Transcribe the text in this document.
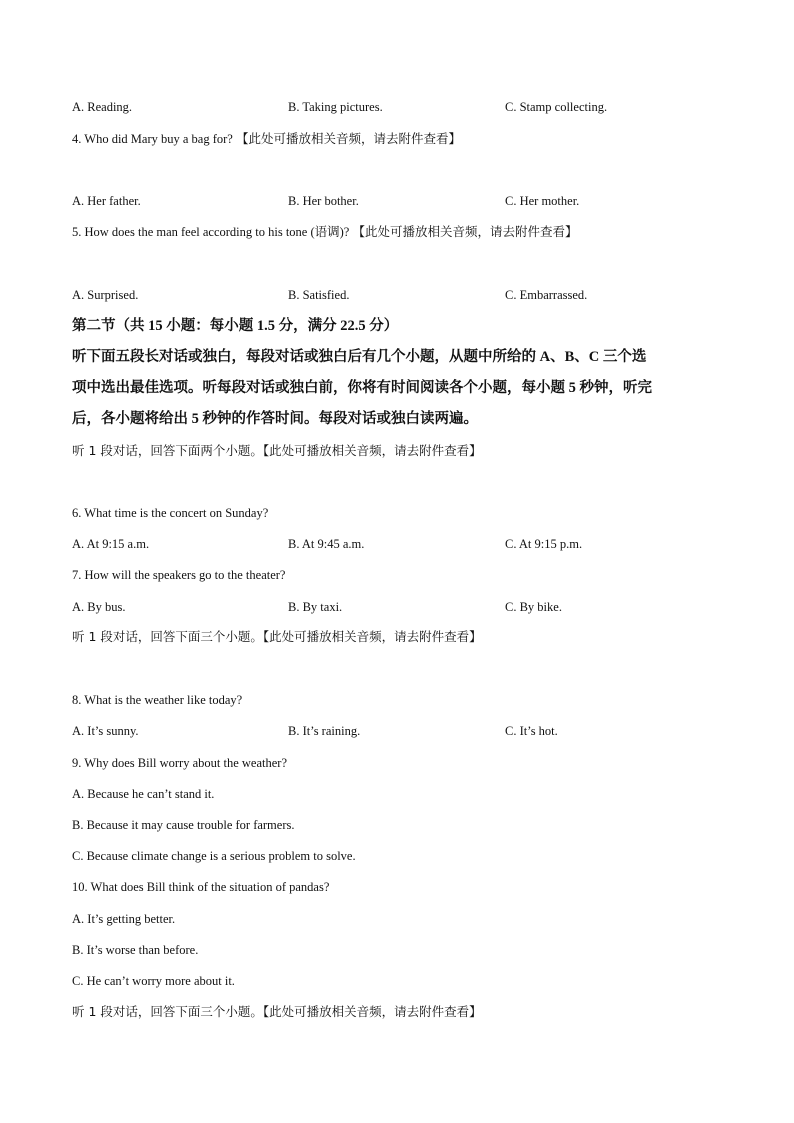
A. Reading.	B. Taking pictures.	C. Stamp collecting.
4. Who did Mary buy a bag for? 【此处可播放相关音频，请去附件查看】
A. Her father.	B. Her bother.	C. Her mother.
5. How does the man feel according to his tone (语调)? 【此处可播放相关音频，请去附件查看】
A. Surprised.	B. Satisfied.	C. Embarrassed.
第二节（共 15 小题：每小题 1.5 分，满分 22.5 分）
听下面五段长对话或独白，每段对话或独白后有几个小题，从题中所给的 A、B、C 三个选
项中选出最佳选项。听每段对话或独白前，你将有时间阅读各个小题，每小题 5 秒钟，听完
后，各小题将给出 5 秒钟的作答时间。每段对话或独白读两遍。
听 1 段对话，回答下面两个小题。【此处可播放相关音频，请去附件查看】
6. What time is the concert on Sunday?
A. At 9:15 a.m.	B. At 9:45 a.m.	C. At 9:15 p.m.
7. How will the speakers go to the theater?
A. By bus.	B. By taxi.	C. By bike.
听 1 段对话，回答下面三个小题。【此处可播放相关音频，请去附件查看】
8. What is the weather like today?
A. It’s sunny.	B. It’s raining.	C. It’s hot.
9. Why does Bill worry about the weather?
A. Because he can’t stand it.
B. Because it may cause trouble for farmers.
C. Because climate change is a serious problem to solve.
10. What does Bill think of the situation of pandas?
A. It’s getting better.
B. It’s worse than before.
C. He can’t worry more about it.
听 1 段对话，回答下面三个小题。【此处可播放相关音频，请去附件查看】
